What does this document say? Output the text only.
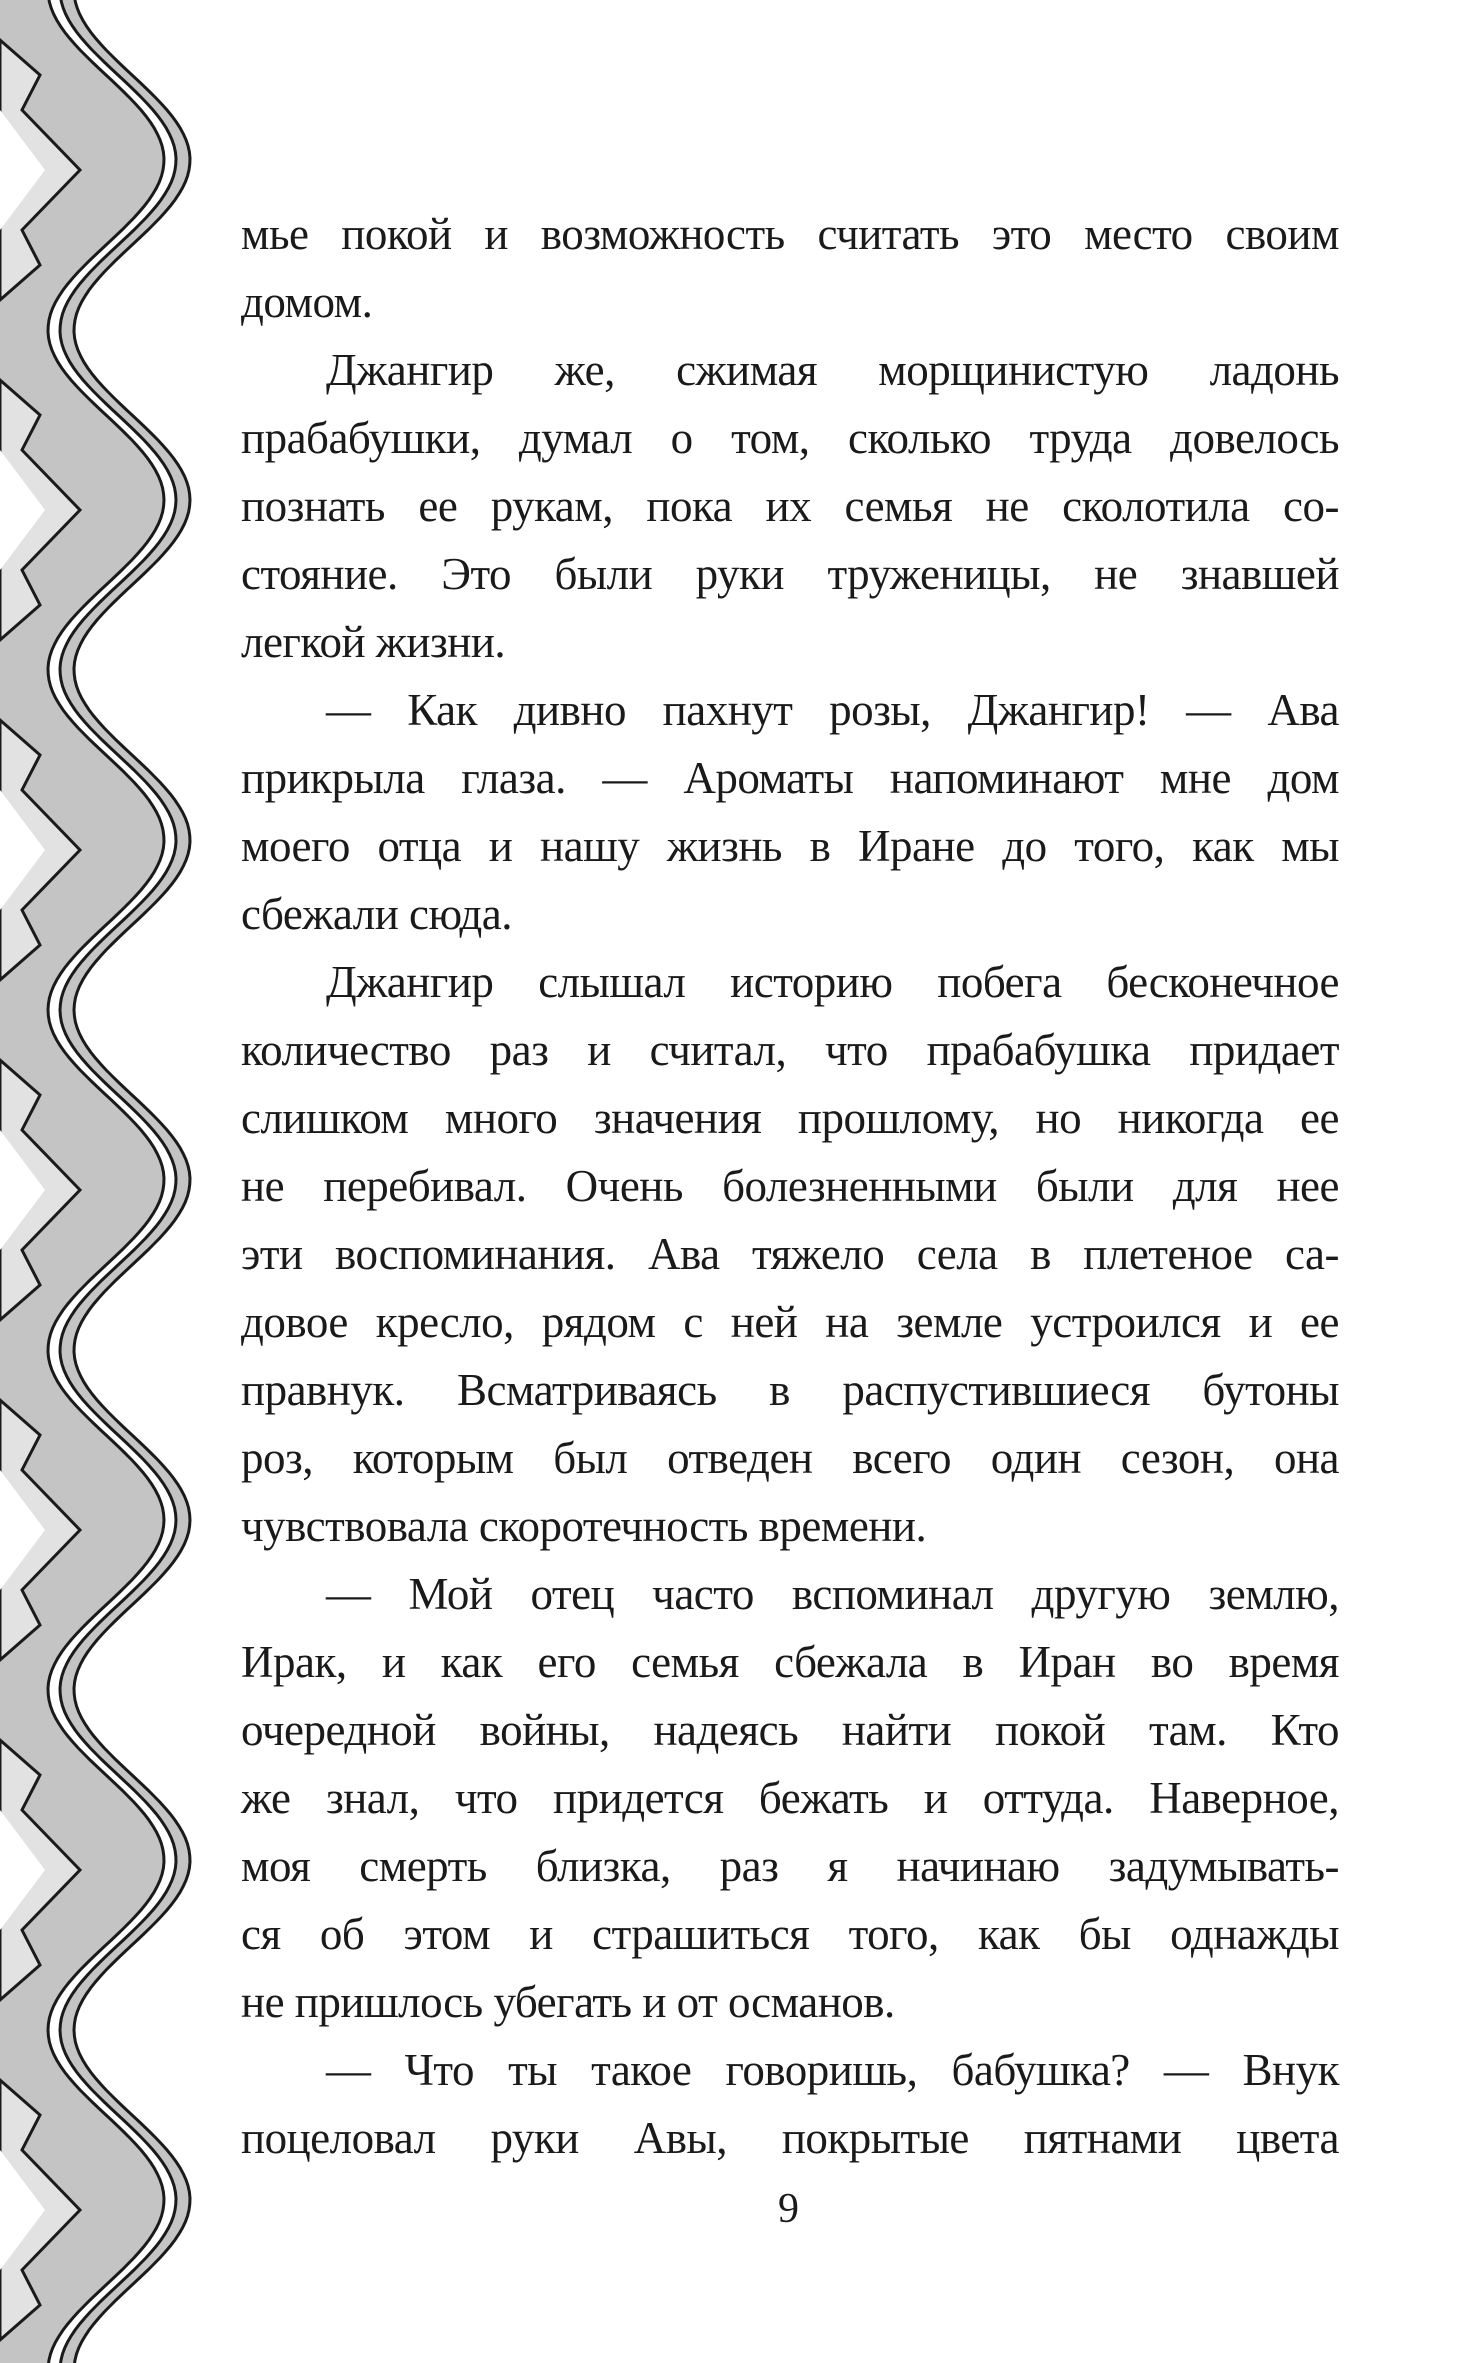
мье покой и возможность считать это место своим
домом.
Джангир же, сжимая морщинистую ладонь
прабабушки, думал о том, сколько труда довелось
познать ее рукам, пока их семья не сколотила со-
стояние. Это были руки труженицы, не знавшей
легкой жизни.
— Как дивно пахнут розы, Джангир! — Ава
прикрыла глаза. — Ароматы напоминают мне дом
моего отца и нашу жизнь в Иране до того, как мы
сбежали сюда.
Джангир слышал историю побега бесконечное
количество раз и считал, что прабабушка придает
слишком много значения прошлому, но никогда ее
не перебивал. Очень болезненными были для нее
эти воспоминания. Ава тяжело села в плетеное са-
довое кресло, рядом с ней на земле устроился и ее
правнук. Всматриваясь в распустившиеся бутоны
роз, которым был отведен всего один сезон, она
чувствовала скоротечность времени.
— Мой отец часто вспоминал другую землю,
Ирак, и как его семья сбежала в Иран во время
очередной войны, надеясь найти покой там. Кто
же знал, что придется бежать и оттуда. Наверное,
моя смерть близка, раз я начинаю задумывать-
ся об этом и страшиться того, как бы однажды
не пришлось убегать и от османов.
— Что ты такое говоришь, бабушка? — Внук
поцеловал руки Авы, покрытые пятнами цвета
9
